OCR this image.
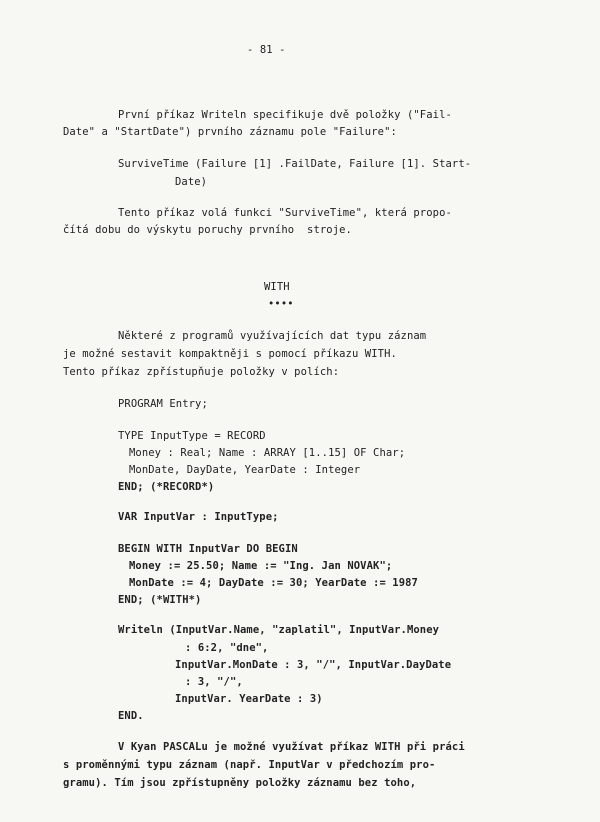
- 81 -
První příkaz Writeln specifikuje dvě položky ("Fail-
Date" a "StartDate") prvního záznamu pole "Failure":
SurviveTime (Failure [1] .FailDate, Failure [1]. Start-
Date)
Tento příkaz volá funkci "SurviveTime", která propo-
čítá dobu do výskytu poruchy prvního  stroje.
WITH
••••
Některé z programů využívajících dat typu záznam
je možné sestavit kompaktněji s pomocí příkazu WITH.
Tento příkaz zpřístupňuje položky v polích:
PROGRAM Entry;
TYPE InputType = RECORD
Money : Real; Name : ARRAY [1..15] OF Char;
MonDate, DayDate, YearDate : Integer
END; (*RECORD*)
VAR InputVar : InputType;
BEGIN WITH InputVar DO BEGIN
Money := 25.50; Name := "Ing. Jan NOVAK";
MonDate := 4; DayDate := 30; YearDate := 1987
END; (*WITH*)
Writeln (InputVar.Name, "zaplatil", InputVar.Money
: 6:2, "dne",
InputVar.MonDate : 3, "/", InputVar.DayDate
: 3, "/",
InputVar. YearDate : 3)
END.
V Kyan PASCALu je možné využívat příkaz WITH při práci
s proměnnými typu záznam (např. InputVar v předchozím pro-
gramu). Tím jsou zpřístupněny položky záznamu bez toho,
